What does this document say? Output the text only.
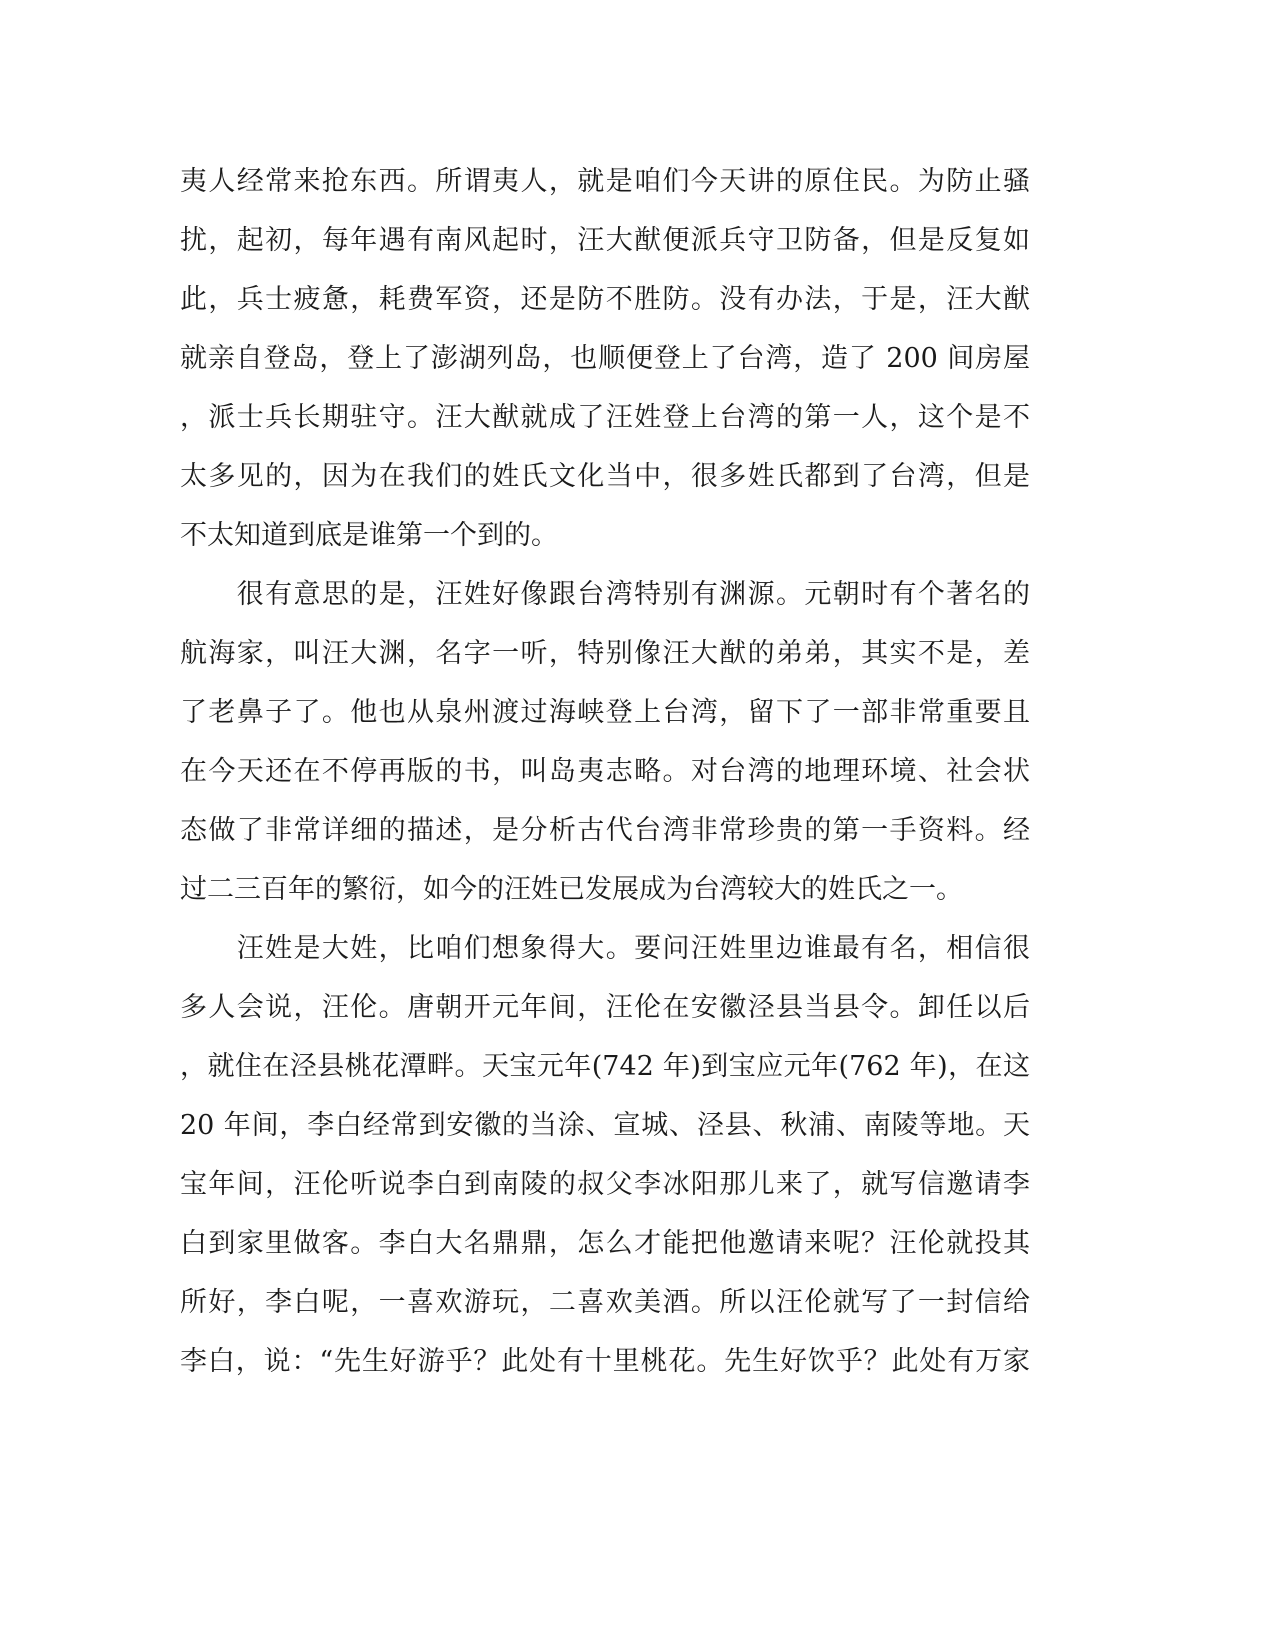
夷人经常来抢东西。所谓夷人，就是咱们今天讲的原住民。为防止骚
扰，起初，每年遇有南风起时，汪大猷便派兵守卫防备，但是反复如
此，兵士疲惫，耗费军资，还是防不胜防。没有办法，于是，汪大猷
就亲自登岛，登上了澎湖列岛，也顺便登上了台湾，造了 200 间房屋
，派士兵长期驻守。汪大猷就成了汪姓登上台湾的第一人，这个是不
太多见的，因为在我们的姓氏文化当中，很多姓氏都到了台湾，但是
不太知道到底是谁第一个到的。
　　很有意思的是，汪姓好像跟台湾特别有渊源。元朝时有个著名的
航海家，叫汪大渊，名字一听，特别像汪大猷的弟弟，其实不是，差
了老鼻子了。他也从泉州渡过海峡登上台湾，留下了一部非常重要且
在今天还在不停再版的书，叫岛夷志略。对台湾的地理环境、社会状
态做了非常详细的描述，是分析古代台湾非常珍贵的第一手资料。经
过二三百年的繁衍，如今的汪姓已发展成为台湾较大的姓氏之一。
　　汪姓是大姓，比咱们想象得大。要问汪姓里边谁最有名，相信很
多人会说，汪伦。唐朝开元年间，汪伦在安徽泾县当县令。卸任以后
，就住在泾县桃花潭畔。天宝元年(742 年)到宝应元年(762 年)，在这
20 年间，李白经常到安徽的当涂、宣城、泾县、秋浦、南陵等地。天
宝年间，汪伦听说李白到南陵的叔父李冰阳那儿来了，就写信邀请李
白到家里做客。李白大名鼎鼎，怎么才能把他邀请来呢？汪伦就投其
所好，李白呢，一喜欢游玩，二喜欢美酒。所以汪伦就写了一封信给
李白，说：“先生好游乎？此处有十里桃花。先生好饮乎？此处有万家
